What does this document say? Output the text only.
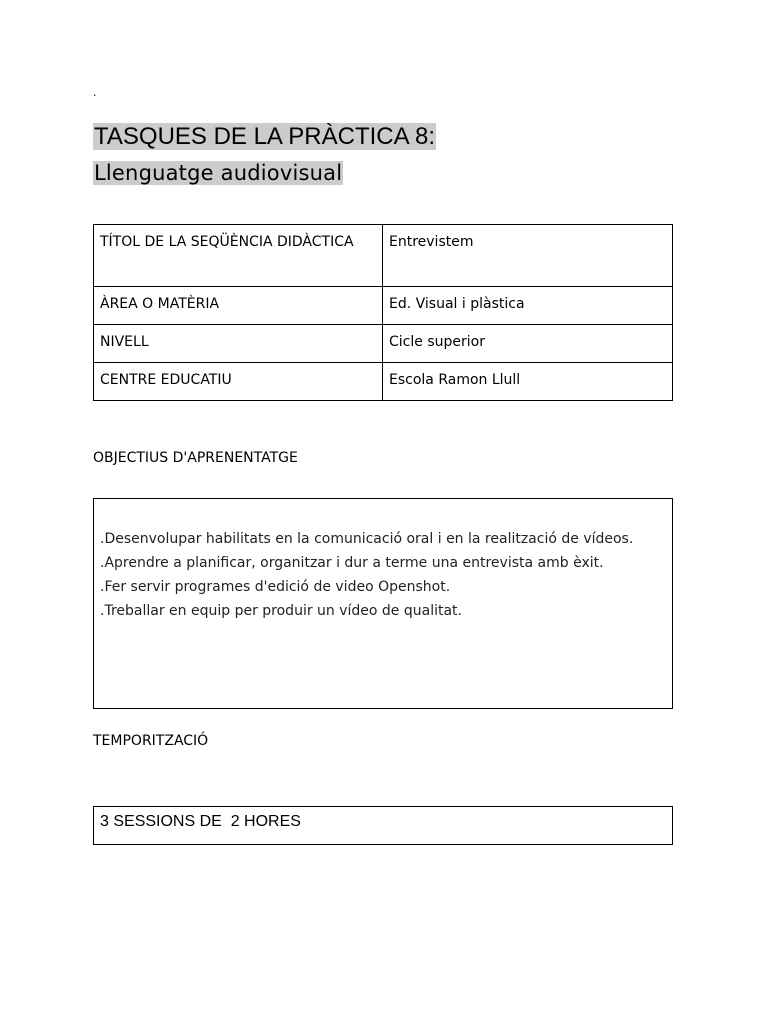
.
TASQUES DE LA PRÀCTICA 8:
Llenguatge audiovisual
TÍTOL DE LA SEQÜÈNCIA DIDÀCTICA	Entrevistem
ÀREA O MATÈRIA	Ed. Visual i plàstica
NIVELL	Cicle superior
CENTRE EDUCATIU	Escola Ramon Llull
OBJECTIUS D'APRENENTATGE
.Desenvolupar habilitats en la comunicació oral i en la realització de vídeos.
.Aprendre a planificar, organitzar i dur a terme una entrevista amb èxit.
.Fer servir programes d'edició de video Openshot.
.Treballar en equip per produir un vídeo de qualitat.
TEMPORITZACIÓ
3 SESSIONS DE  2 HORES
